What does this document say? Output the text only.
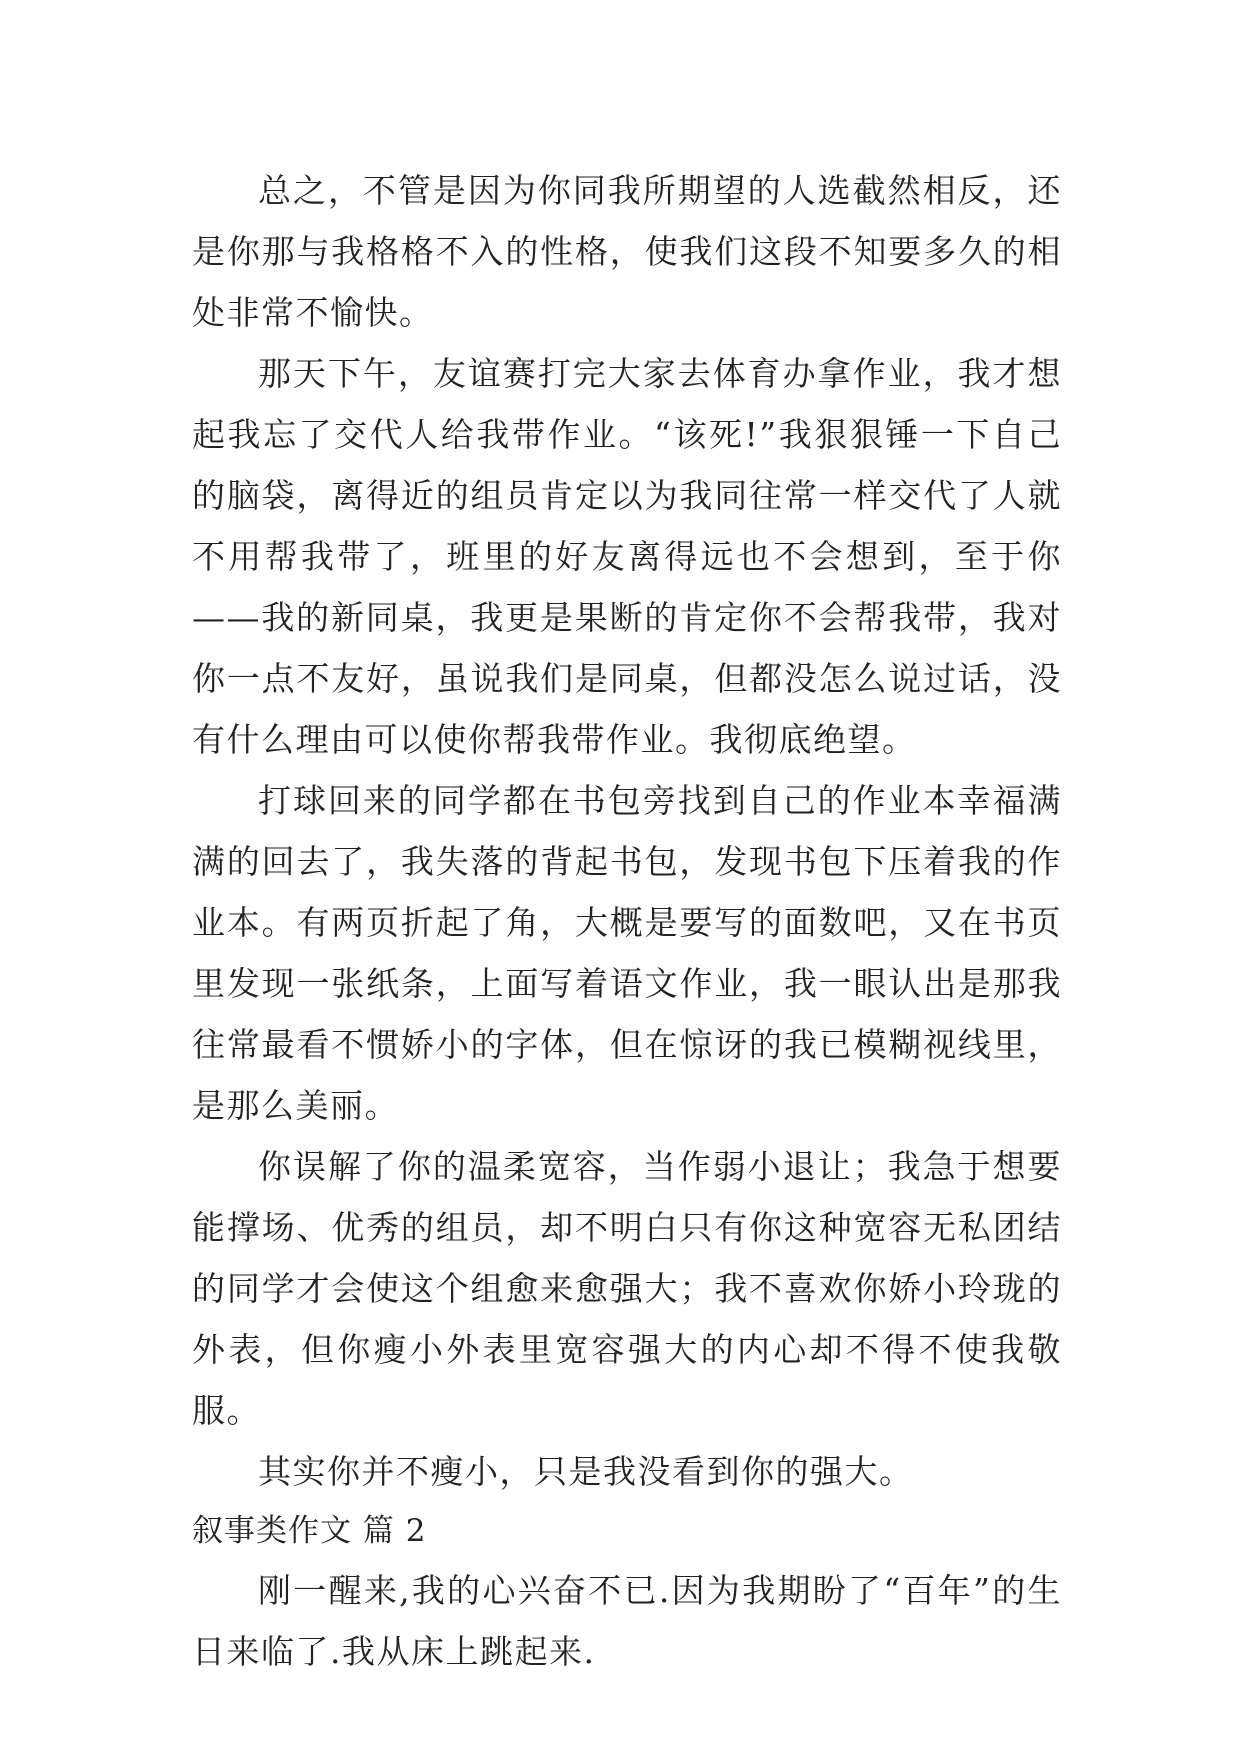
总之，不管是因为你同我所期望的人选截然相反，还是你那与我格格不入的性格，使我们这段不知要多久的相处非常不愉快。

那天下午，友谊赛打完大家去体育办拿作业，我才想起我忘了交代人给我带作业。“该死!”我狠狠锤一下自己的脑袋，离得近的组员肯定以为我同往常一样交代了人就不用帮我带了，班里的好友离得远也不会想到，至于你——我的新同桌，我更是果断的肯定你不会帮我带，我对你一点不友好，虽说我们是同桌，但都没怎么说过话，没有什么理由可以使你帮我带作业。我彻底绝望。

打球回来的同学都在书包旁找到自己的作业本幸福满满的回去了，我失落的背起书包，发现书包下压着我的作业本。有两页折起了角，大概是要写的面数吧，又在书页里发现一张纸条，上面写着语文作业，我一眼认出是那我往常最看不惯娇小的字体，但在惊讶的我已模糊视线里，是那么美丽。

你误解了你的温柔宽容，当作弱小退让；我急于想要能撑场、优秀的组员，却不明白只有你这种宽容无私团结的同学才会使这个组愈来愈强大；我不喜欢你娇小玲珑的外表，但你瘦小外表里宽容强大的内心却不得不使我敬服。

其实你并不瘦小，只是我没看到你的强大。

叙事类作文 篇 2

刚一醒来,我的心兴奋不已.因为我期盼了“百年”的生日来临了.我从床上跳起来.
